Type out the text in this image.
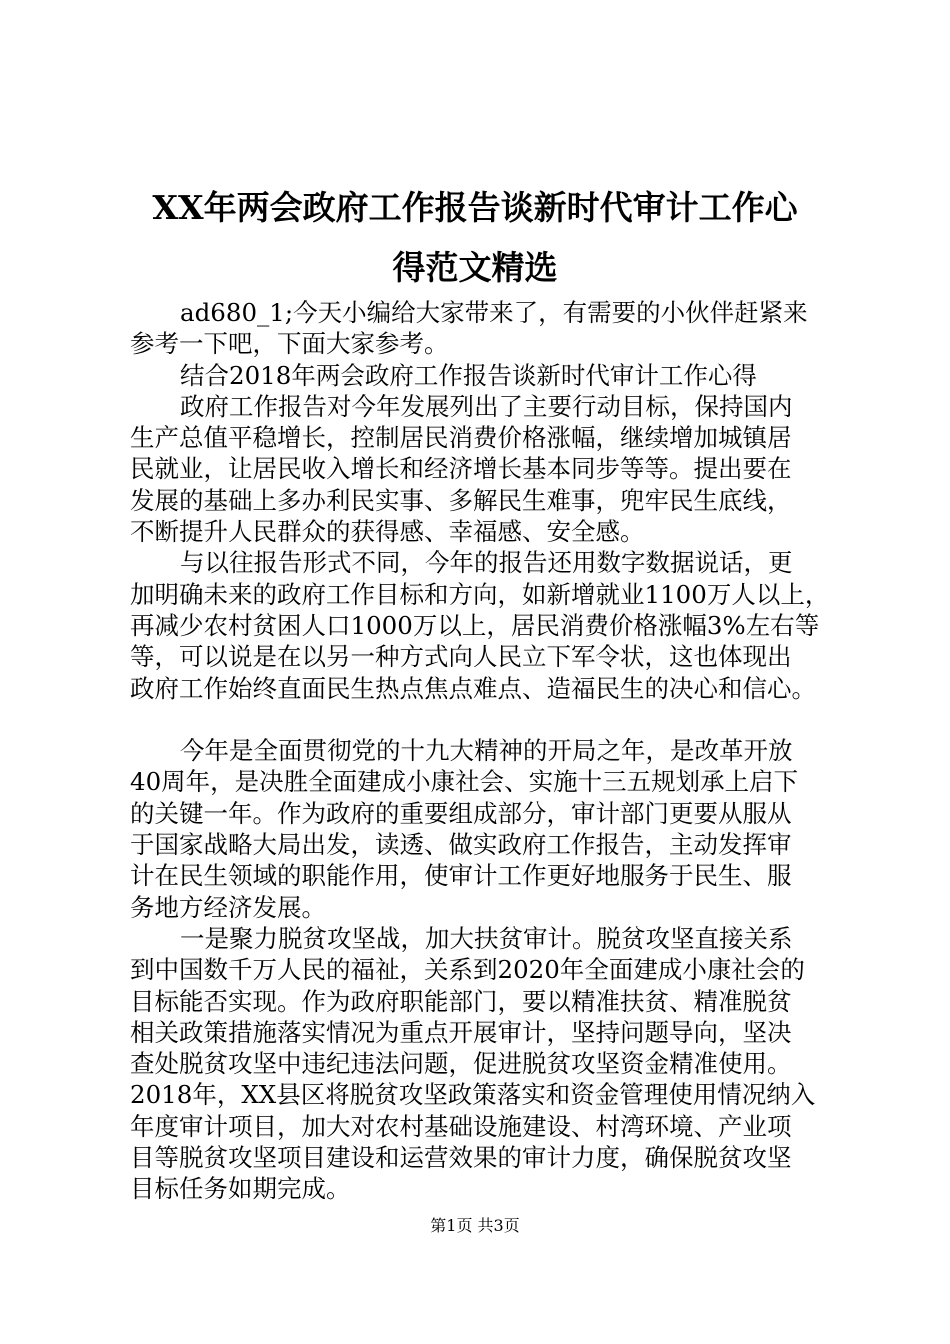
XX年两会政府工作报告谈新时代审计工作心
得范文精选
ad680_1;今天小编给大家带来了，有需要的小伙伴赶紧来
参考一下吧，下面大家参考。
结合2018年两会政府工作报告谈新时代审计工作心得
政府工作报告对今年发展列出了主要行动目标，保持国内
生产总值平稳增长，控制居民消费价格涨幅，继续增加城镇居
民就业，让居民收入增长和经济增长基本同步等等。提出要在
发展的基础上多办利民实事、多解民生难事，兜牢民生底线，
不断提升人民群众的获得感、幸福感、安全感。
与以往报告形式不同，今年的报告还用数字数据说话，更
加明确未来的政府工作目标和方向，如新增就业1100万人以上，
再减少农村贫困人口1000万以上，居民消费价格涨幅3%左右等
等，可以说是在以另一种方式向人民立下军令状，这也体现出
政府工作始终直面民生热点焦点难点、造福民生的决心和信心。
今年是全面贯彻党的十九大精神的开局之年，是改革开放
40周年，是决胜全面建成小康社会、实施十三五规划承上启下
的关键一年。作为政府的重要组成部分，审计部门更要从服从
于国家战略大局出发，读透、做实政府工作报告，主动发挥审
计在民生领域的职能作用，使审计工作更好地服务于民生、服
务地方经济发展。
一是聚力脱贫攻坚战，加大扶贫审计。脱贫攻坚直接关系
到中国数千万人民的福祉，关系到2020年全面建成小康社会的
目标能否实现。作为政府职能部门，要以精准扶贫、精准脱贫
相关政策措施落实情况为重点开展审计，坚持问题导向，坚决
查处脱贫攻坚中违纪违法问题，促进脱贫攻坚资金精准使用。
2018年，XX县区将脱贫攻坚政策落实和资金管理使用情况纳入
年度审计项目，加大对农村基础设施建设、村湾环境、产业项
目等脱贫攻坚项目建设和运营效果的审计力度，确保脱贫攻坚
目标任务如期完成。
第1页 共3页
